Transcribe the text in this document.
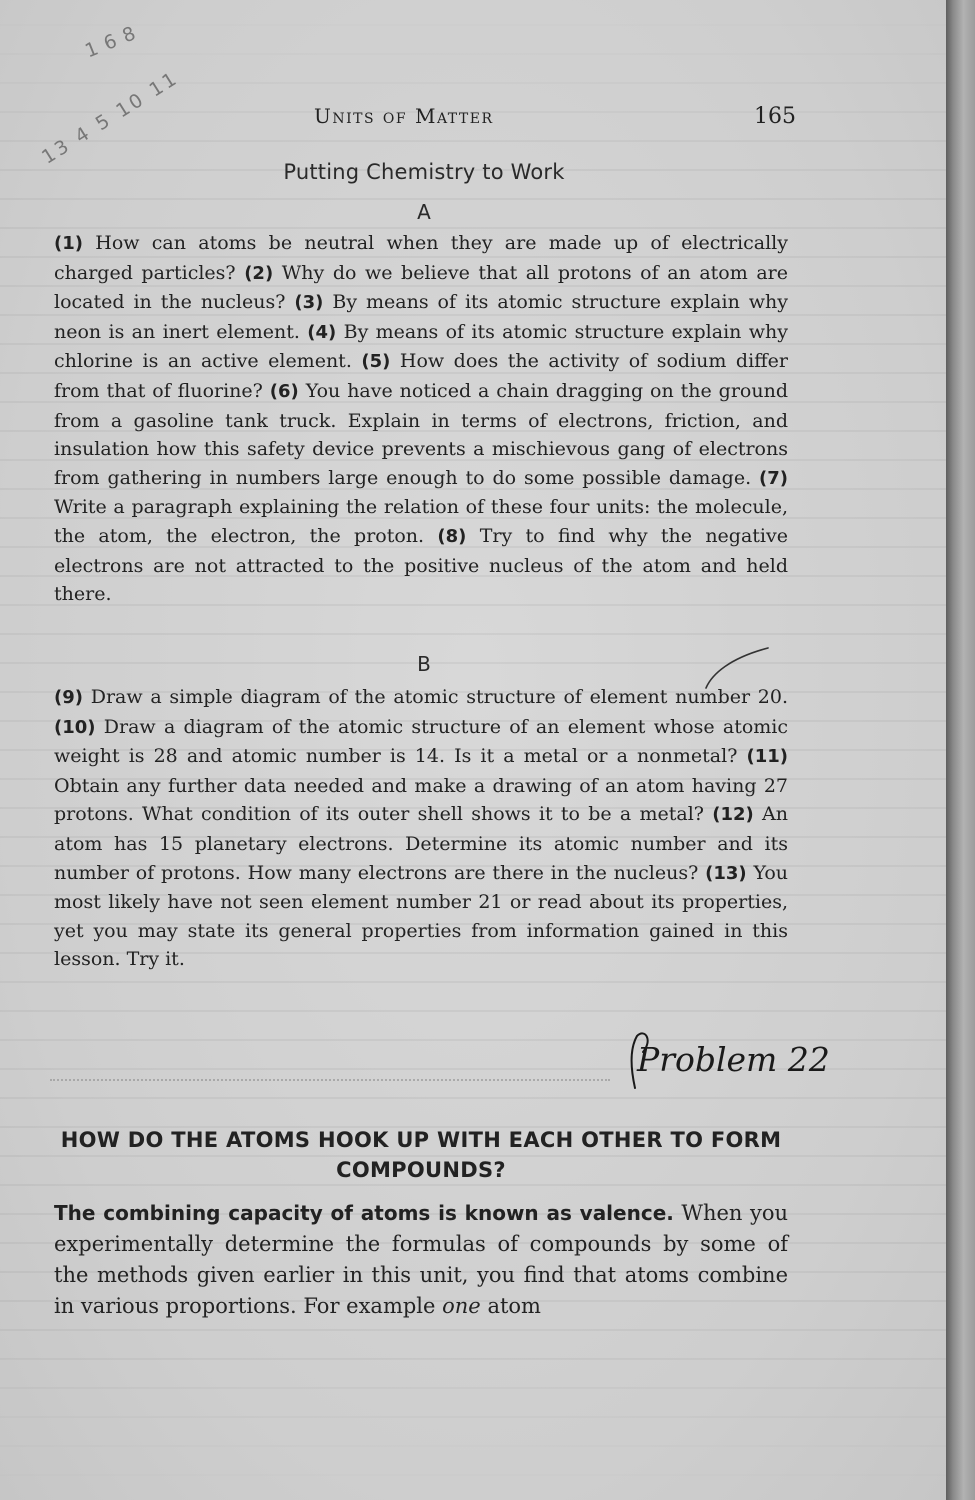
168
13 4 5 10 11	Units of Matter	165
Putting Chemistry to Work
A
(1) How can atoms be neutral when they are made up of electrically charged particles? (2) Why do we believe that all protons of an atom are located in the nucleus? (3) By means of its atomic structure explain why neon is an inert element. (4) By means of its atomic structure explain why chlorine is an active element. (5) How does the activity of sodium differ from that of fluorine? (6) You have noticed a chain dragging on the ground from a gasoline tank truck. Explain in terms of electrons, friction, and insulation how this safety device prevents a mischievous gang of electrons from gathering in numbers large enough to do some possible damage. (7) Write a paragraph explaining the relation of these four units: the molecule, the atom, the electron, the proton. (8) Try to find why the negative electrons are not attracted to the positive nucleus of the atom and held there.
B
(9) Draw a simple diagram of the atomic structure of element number 20. (10) Draw a diagram of the atomic structure of an element whose atomic weight is 28 and atomic number is 14. Is it a metal or a nonmetal? (11) Obtain any further data needed and make a drawing of an atom having 27 protons. What condition of its outer shell shows it to be a metal? (12) An atom has 15 planetary electrons. Determine its atomic number and its number of protons. How many electrons are there in the nucleus? (13) You most likely have not seen element number 21 or read about its properties, yet you may state its general properties from information gained in this lesson. Try it.
Problem 22
HOW DO THE ATOMS HOOK UP WITH EACH OTHER TO FORM COMPOUNDS?
The combining capacity of atoms is known as valence. When you experimentally determine the formulas of compounds by some of the methods given earlier in this unit, you find that atoms combine in various proportions. For example one atom
